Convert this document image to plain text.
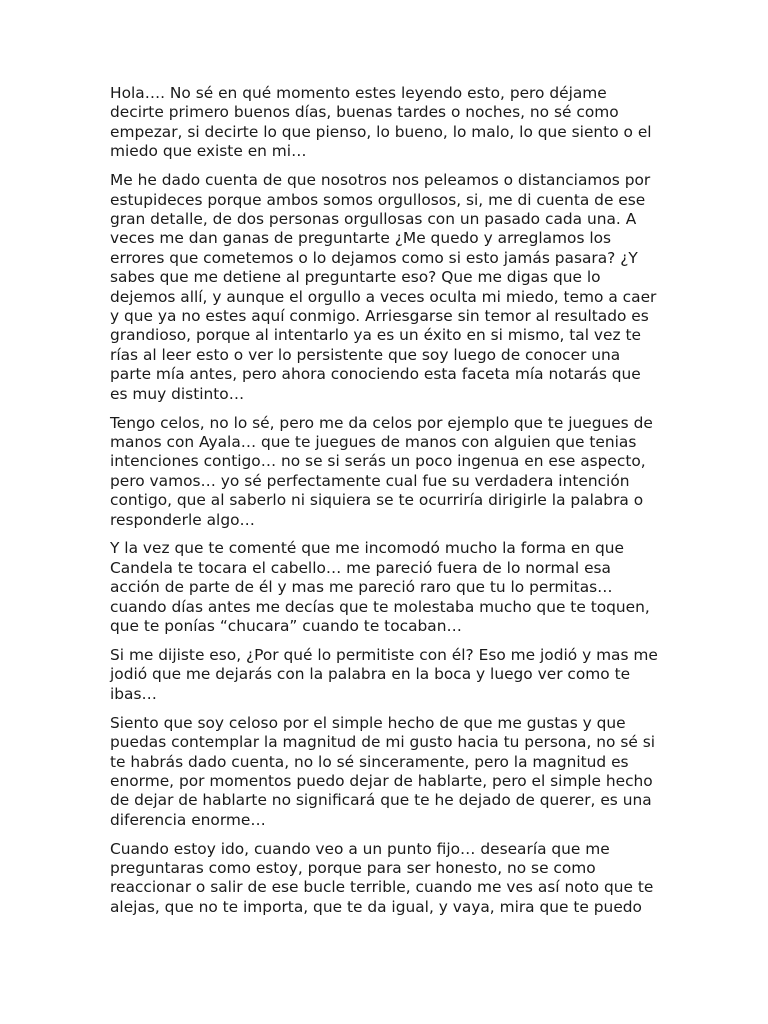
Hola…. No sé en qué momento estes leyendo esto, pero déjame decirte primero buenos días, buenas tardes o noches, no sé como empezar, si decirte lo que pienso, lo bueno, lo malo, lo que siento o el miedo que existe en mi…

Me he dado cuenta de que nosotros nos peleamos o distanciamos por estupideces porque ambos somos orgullosos, si, me di cuenta de ese gran detalle, de dos personas orgullosas con un pasado cada una. A veces me dan ganas de preguntarte ¿Me quedo y arreglamos los errores que cometemos o lo dejamos como si esto jamás pasara? ¿Y sabes que me detiene al preguntarte eso? Que me digas que lo dejemos allí, y aunque el orgullo a veces oculta mi miedo, temo a caer y que ya no estes aquí conmigo. Arriesgarse sin temor al resultado es grandioso, porque al intentarlo ya es un éxito en si mismo, tal vez te rías al leer esto o ver lo persistente que soy luego de conocer una parte mía antes, pero ahora conociendo esta faceta mía notarás que es muy distinto…

Tengo celos, no lo sé, pero me da celos por ejemplo que te juegues de manos con Ayala… que te juegues de manos con alguien que tenias intenciones contigo… no se si serás un poco ingenua en ese aspecto, pero vamos… yo sé perfectamente cual fue su verdadera intención contigo, que al saberlo ni siquiera se te ocurriría dirigirle la palabra o responderle algo…

Y la vez que te comenté que me incomodó mucho la forma en que Candela te tocara el cabello… me pareció fuera de lo normal esa acción de parte de él y mas me pareció raro que tu lo permitas… cuando días antes me decías que te molestaba mucho que te toquen, que te ponías “chucara” cuando te tocaban…

Si me dijiste eso, ¿Por qué lo permitiste con él? Eso me jodió y mas me jodió que me dejarás con la palabra en la boca y luego ver como te ibas…

Siento que soy celoso por el simple hecho de que me gustas y que puedas contemplar la magnitud de mi gusto hacia tu persona, no sé si te habrás dado cuenta, no lo sé sinceramente, pero la magnitud es enorme, por momentos puedo dejar de hablarte, pero el simple hecho de dejar de hablarte no significará que te he dejado de querer, es una diferencia enorme…

Cuando estoy ido, cuando veo a un punto fijo… desearía que me preguntaras como estoy, porque para ser honesto, no se como reaccionar o salir de ese bucle terrible, cuando me ves así noto que te alejas, que no te importa, que te da igual, y vaya, mira que te puedo
